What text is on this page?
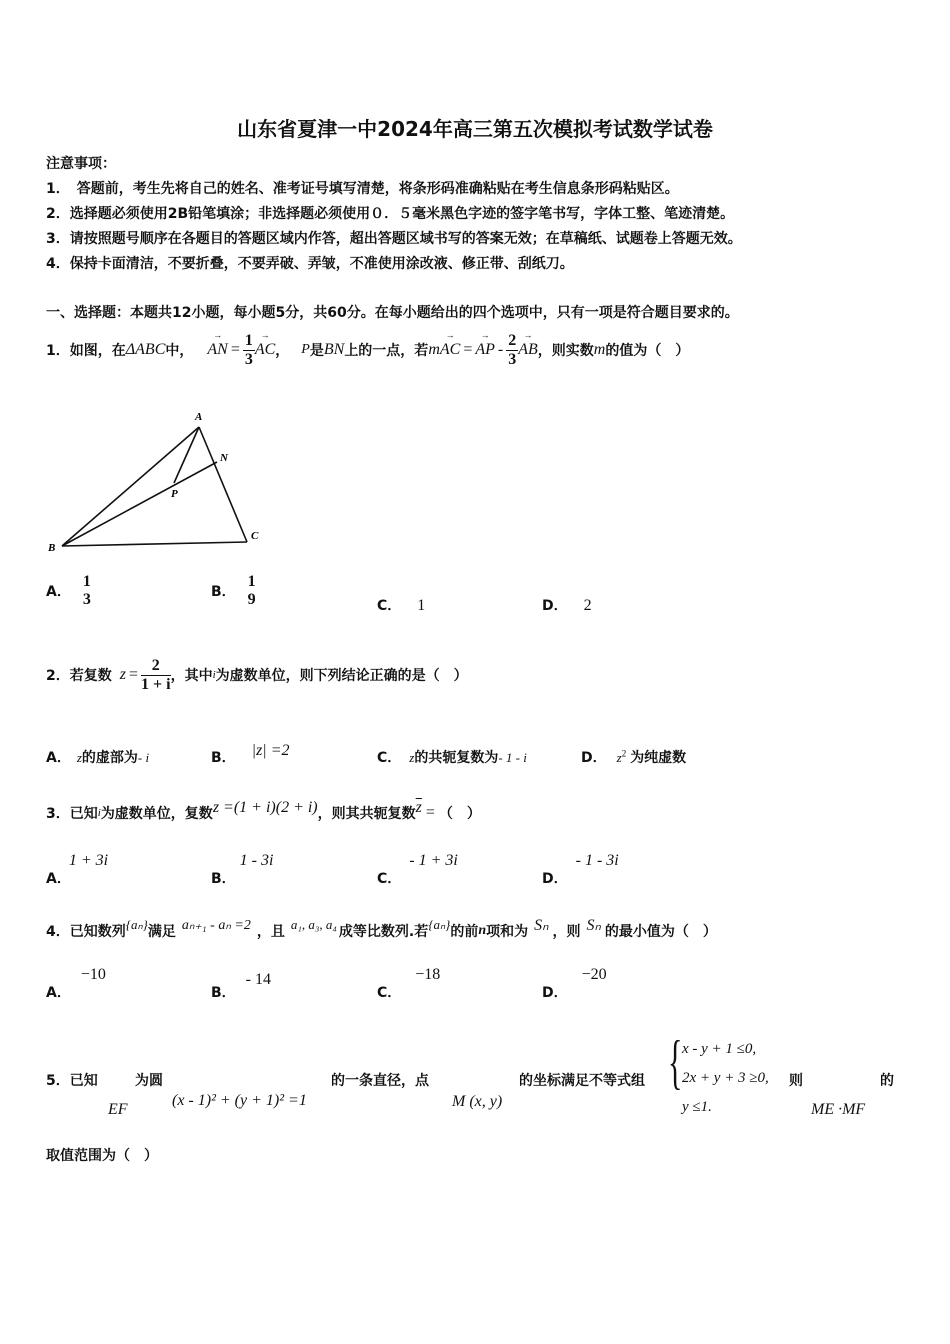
山东省夏津一中2024年高三第五次模拟考试数学试卷
注意事项：
1．　答题前，考生先将自己的姓名、准考证号填写清楚，将条形码准确粘贴在考生信息条形码粘贴区。
2．选择题必须使用2B铅笔填涂；非选择题必须使用０．５毫米黑色字迹的签字笔书写，字体工整、笔迹清楚。
3．请按照题号顺序在各题目的答题区域内作答，超出答题区域书写的答案无效；在草稿纸、试题卷上答题无效。
4．保持卡面清洁，不要折叠，不要弄破、弄皱，不准使用涂改液、修正带、刮纸刀。
一、选择题：本题共12小题，每小题5分，共60分。在每小题给出的四个选项中，只有一项是符合题目要求的。
1．如图，在 ΔABC 中， → AN = $\frac{1}{3}$ → AC ， P 是 BN 上的一点，若 m → AC = → AP - $\frac{2}{3}$ → AB ，则实数 m 的值为（　）
A
N
P
B
C
A．
1
3	B．
1
9	C． 1	D． 2
2．若复数 $z = \frac{2}{1 + i}$ ，其中 i 为虚数单位，则下列结论正确的是（　）
A． z的虚部为- i	B． |z| =2	C． z的共轭复数为- 1 - i	D． $z^2$ 为纯虚数
3．已知 i 为虚数单位，复数 z =(1 + i)(2 + i) ，则其共轭复数 $\overline{z}$ = （　）
A．
1 + 3i
B．
1 - 3i
C．
- 1 + 3i
D．
- 1 - 3i
4．已知数列 {aₙ} 满足 aₙ₊₁ - aₙ =2 ，且 a₁, a₃, a₄ 成等比数列.若 {aₙ} 的前 n 项和为 Sₙ ，则 Sₙ 的最小值为（　）
A．
−10
B．
- 14
C．
−18
D．
−20
5．已知
EF
为圆
(x - 1)² + (y + 1)² =1
的一条直径，点
M (x, y)
的坐标满足不等式组 { x - y + 1 ≤0,
2x + y + 3 ≥0,
y ≤1.
则
ME ·MF
的
取值范围为（　）
